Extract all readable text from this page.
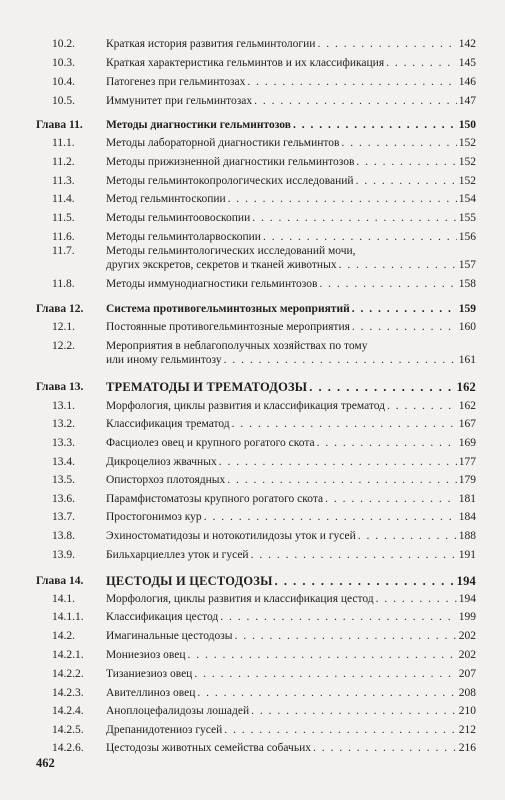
10.2.	Краткая история развития гельминтологии . . .	142
10.3.	Краткая характеристика гельминтов и их классификация . . .	145
10.4.	Патогенез при гельминтозах . . .	146
10.5.	Иммунитет при гельминтозах . . .	147
Глава 11. Методы диагностики гельминтозов . . .	150
11.1.	Методы лабораторной диагностики гельминтов . . .	152
11.2.	Методы прижизненной диагностики гельминтозов . . .	152
11.3.	Методы гельминтокопрологических исследований . . .	152
11.4.	Метод гельминтоскопии . . .	154
11.5.	Методы гельминтоовоскопии . . .	155
11.6.	Методы гельминтоларвоскопии . . .	156
11.7.	Методы гельминтологических исследований мочи,
других экскретов, секретов и тканей животных . . .	157
11.8.	Методы иммунодиагностики гельминтозов . . .	158
Глава 12. Система противогельминтозных мероприятий . . .	159
12.1.	Постоянные противогельминтозные мероприятия . . .	160
12.2.	Мероприятия в неблагополучных хозяйствах по тому
или иному гельминтозу . . .	161
Глава 13. ТРЕМАТОДЫ И ТРЕМАТОДОЗЫ . . .	162
13.1.	Морфология, циклы развития и классификация трематод . . .	162
13.2.	Классификация трематод . . .	167
13.3.	Фасциолез овец и крупного рогатого скота . . .	169
13.4.	Дикроцелиоз жвачных . . .	177
13.5.	Описторхоз плотоядных . . .	179
13.6.	Парамфистоматозы крупного рогатого скота . . .	181
13.7.	Простогонимоз кур . . .	184
13.8.	Эхиностоматидозы и нотокотилидозы уток и гусей . . .	188
13.9.	Бильхарциеллез уток и гусей . . .	191
Глава 14. ЦЕСТОДЫ И ЦЕСТОДОЗЫ . . .	194
14.1.	Морфология, циклы развития и классификация цестод . . .	194
14.1.1. Классификация цестод . . .	199
14.2.	Имагинальные цестодозы . . .	202
14.2.1. Мониезиоз овец . . .	202
14.2.2. Тизаниезиоз овец . . .	207
14.2.3. Авителлиноз овец . . .	208
14.2.4. Аноплоцефалидозы лошадей . . .	210
14.2.5. Дрепанидотениоз гусей . . .	212
14.2.6. Цестодозы животных семейства собачьих . . .	216
462
